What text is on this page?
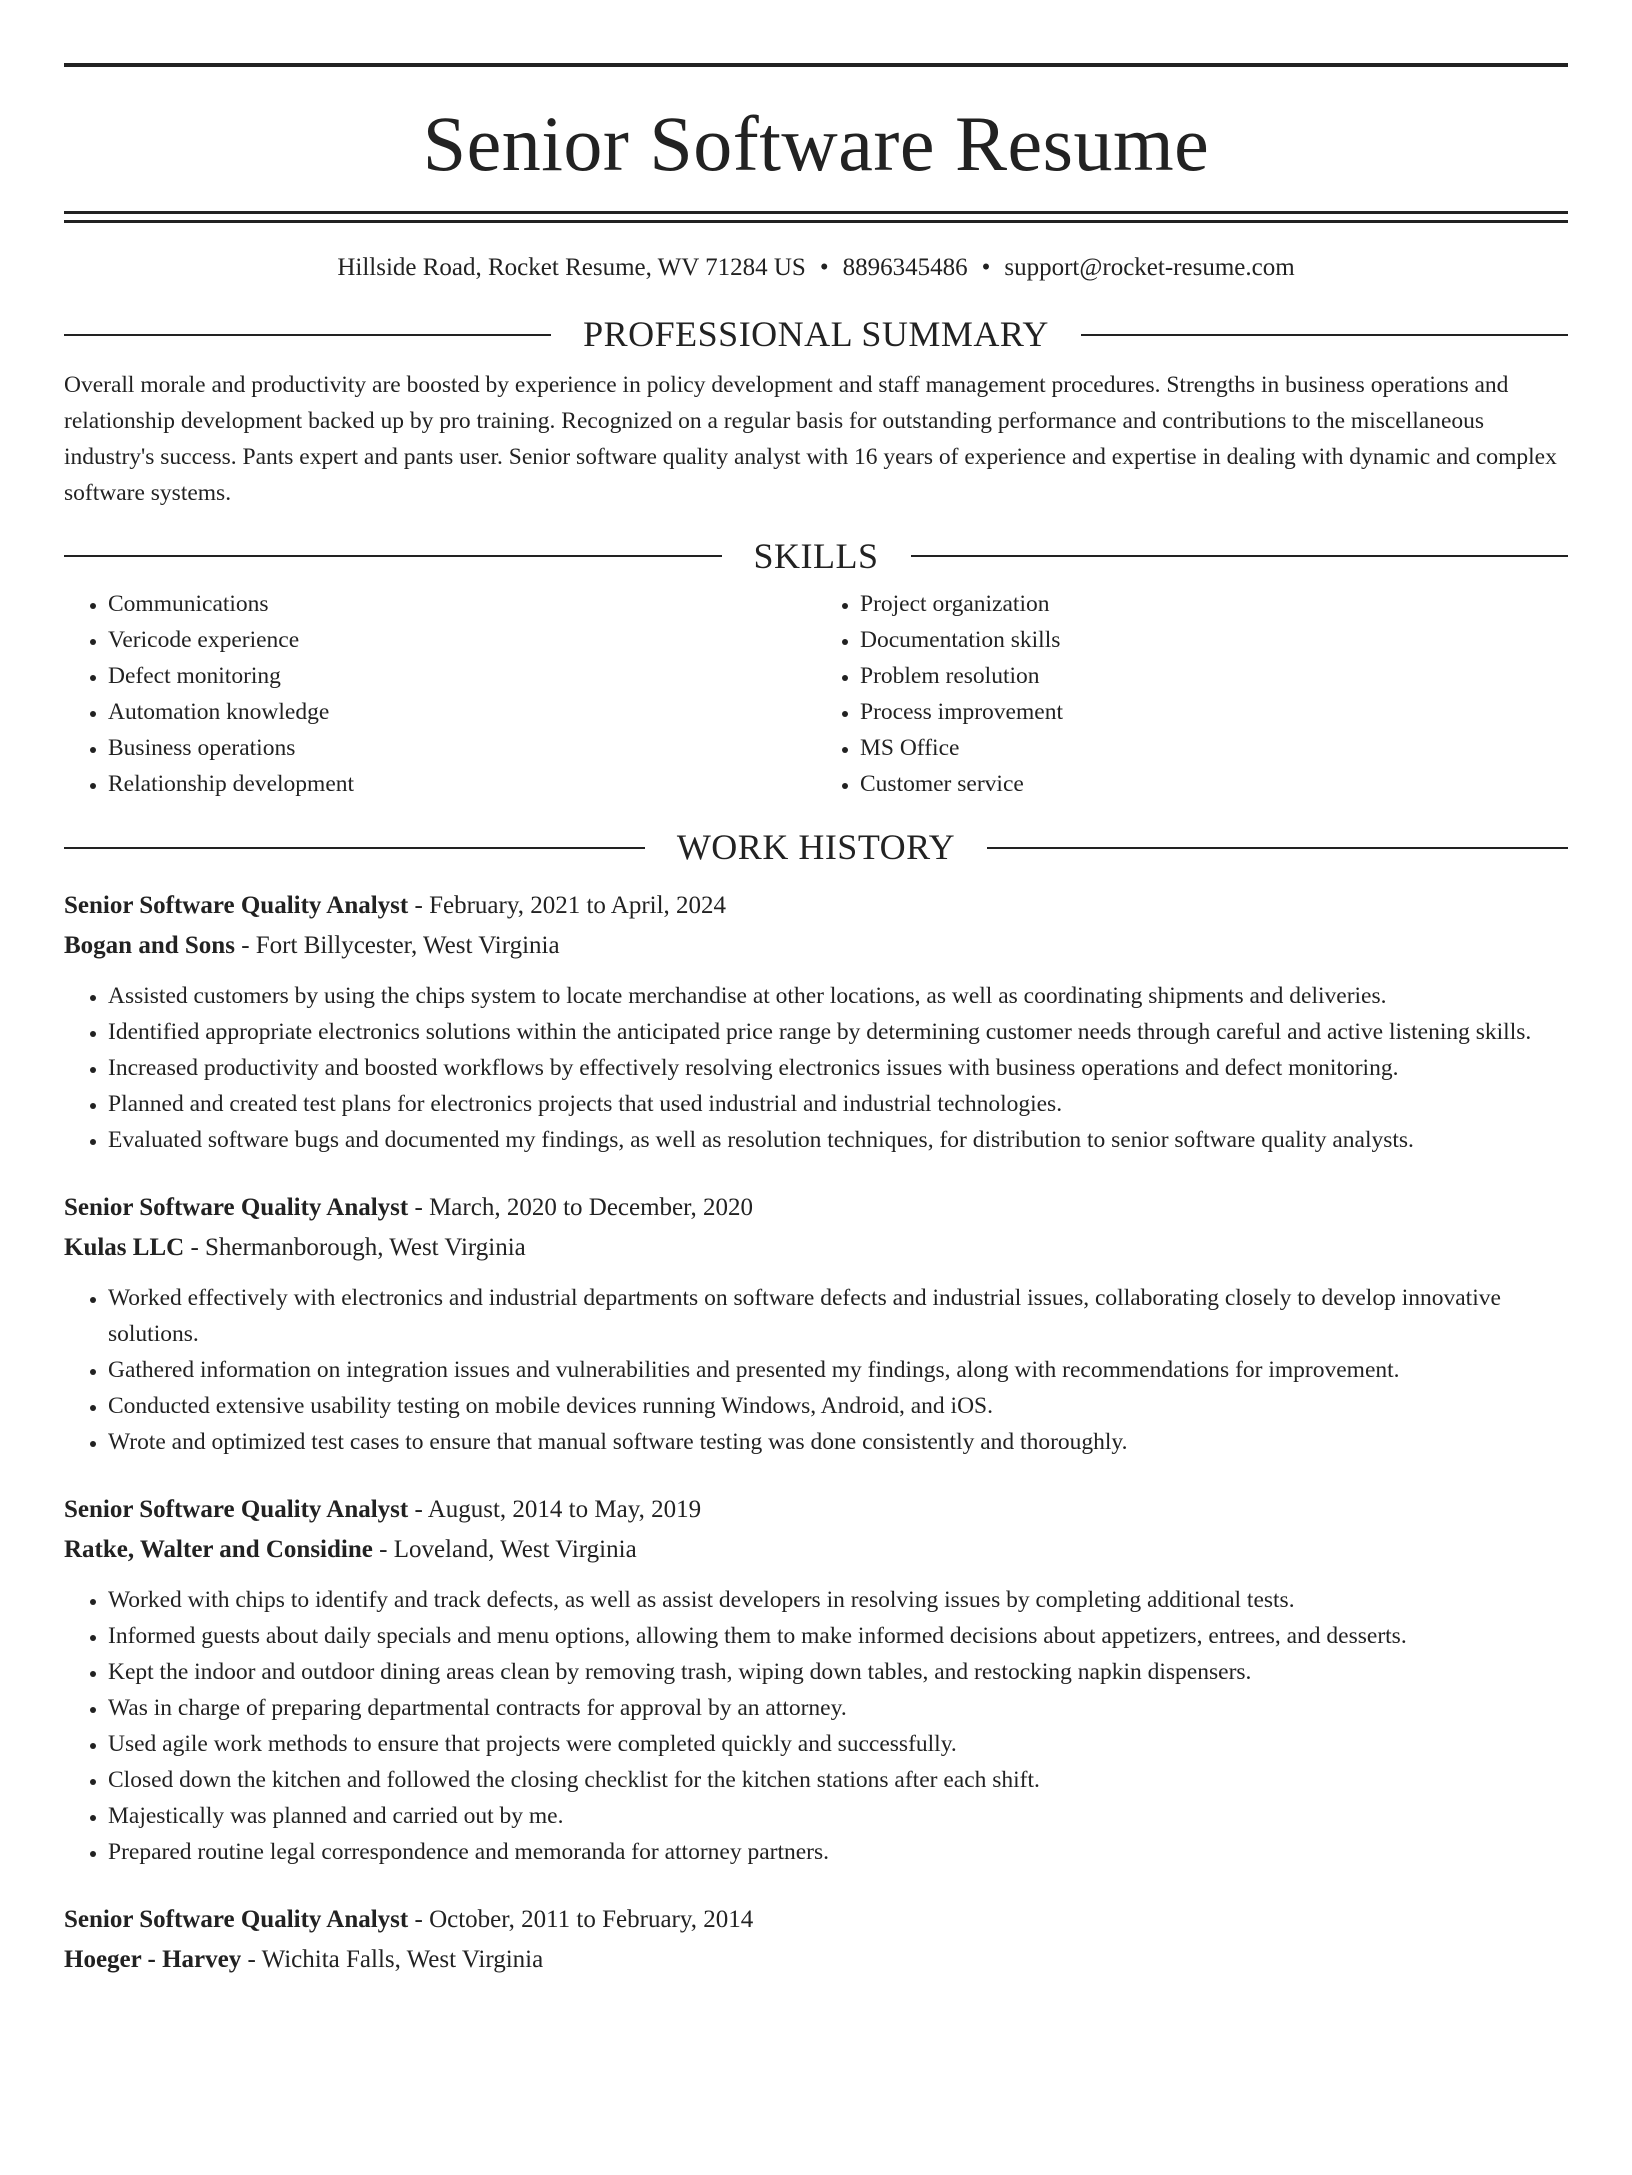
Senior Software Resume
Hillside Road, Rocket Resume, WV 71284 US • 8896345486 • support@rocket-resume.com
PROFESSIONAL SUMMARY

Overall morale and productivity are boosted by experience in policy development and staff management procedures. Strengths in business operations and relationship development backed up by pro training. Recognized on a regular basis for outstanding performance and contributions to the miscellaneous industry's success. Pants expert and pants user. Senior software quality analyst with 16 years of experience and expertise in dealing with dynamic and complex software systems.

SKILLS
• Communications
• Vericode experience
• Defect monitoring
• Automation knowledge
• Business operations
• Relationship development
• Project organization
• Documentation skills
• Problem resolution
• Process improvement
• MS Office
• Customer service
WORK HISTORY
Senior Software Quality Analyst - February, 2021 to April, 2024
Bogan and Sons - Fort Billycester, West Virginia
• Assisted customers by using the chips system to locate merchandise at other locations, as well as coordinating shipments and deliveries.
• Identified appropriate electronics solutions within the anticipated price range by determining customer needs through careful and active listening skills.
• Increased productivity and boosted workflows by effectively resolving electronics issues with business operations and defect monitoring.
• Planned and created test plans for electronics projects that used industrial and industrial technologies.
• Evaluated software bugs and documented my findings, as well as resolution techniques, for distribution to senior software quality analysts.
Senior Software Quality Analyst - March, 2020 to December, 2020
Kulas LLC - Shermanborough, West Virginia
• Worked effectively with electronics and industrial departments on software defects and industrial issues, collaborating closely to develop innovative solutions.
• Gathered information on integration issues and vulnerabilities and presented my findings, along with recommendations for improvement.
• Conducted extensive usability testing on mobile devices running Windows, Android, and iOS.
• Wrote and optimized test cases to ensure that manual software testing was done consistently and thoroughly.
Senior Software Quality Analyst - August, 2014 to May, 2019
Ratke, Walter and Considine - Loveland, West Virginia
• Worked with chips to identify and track defects, as well as assist developers in resolving issues by completing additional tests.
• Informed guests about daily specials and menu options, allowing them to make informed decisions about appetizers, entrees, and desserts.
• Kept the indoor and outdoor dining areas clean by removing trash, wiping down tables, and restocking napkin dispensers.
• Was in charge of preparing departmental contracts for approval by an attorney.
• Used agile work methods to ensure that projects were completed quickly and successfully.
• Closed down the kitchen and followed the closing checklist for the kitchen stations after each shift.
• Majestically was planned and carried out by me.
• Prepared routine legal correspondence and memoranda for attorney partners.
Senior Software Quality Analyst - October, 2011 to February, 2014
Hoeger - Harvey - Wichita Falls, West Virginia
